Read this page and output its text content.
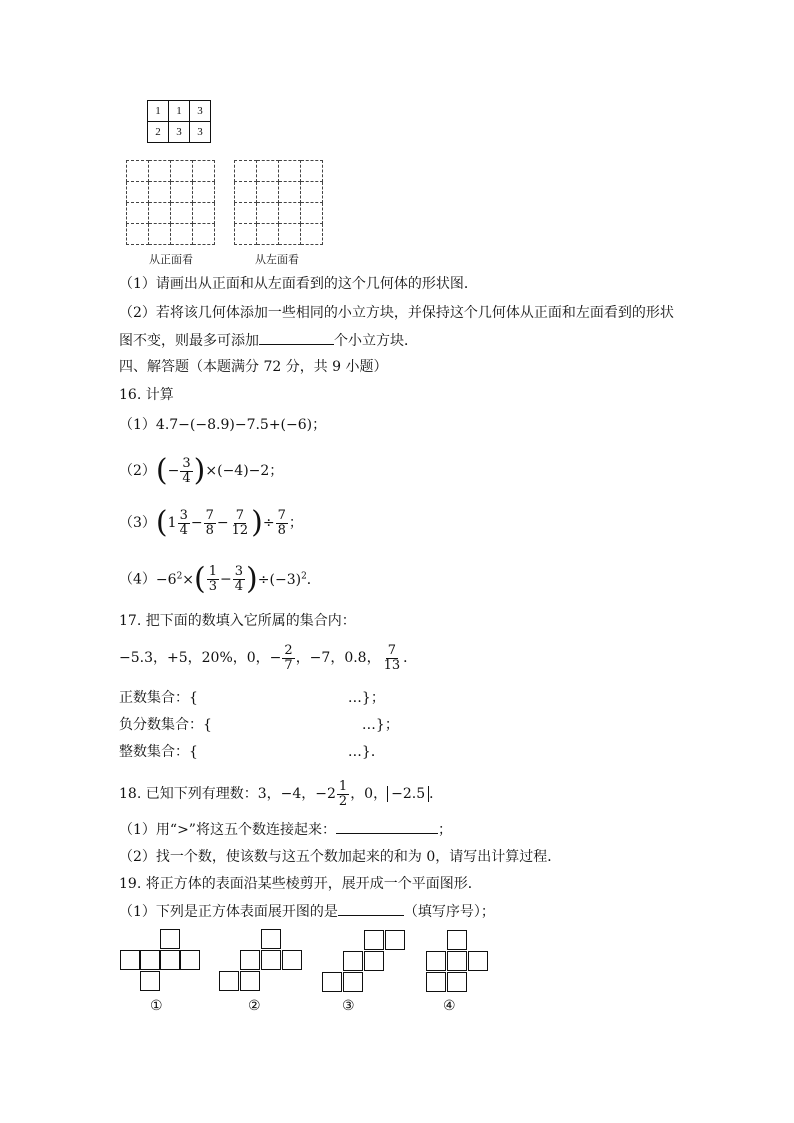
1	1	3
2	3	3

从正面看	从左面看
（1）请画出从正面和从左面看到的这个几何体的形状图．
（2）若将该几何体添加一些相同的小立方块，并保持这个几何体从正面和左面看到的形状
图不变，则最多可添加	个小立方块．
四、解答题（本题满分 72 分，共 9 小题）
16. 计算
（1）4.7−(−8.9)−7.5+(−6)；
$(2)(- \frac{3}{4} )\times(-4)-2$；
$(3)(1 \frac{3}{4} - \frac{7}{8} - \frac{7}{12}$ )÷ $\frac{7}{8}$ ；
$(4)-6^2\times( \frac{1}{3} - \frac{3}{4} )\div(-3)^2$．
17. 把下面的数填入它所属的集合内：
−5.3，+5，20%，0，− $\frac{2}{7}$ ，−7，0.8， $\frac{7}{13}$ ．
正数集合：{	…}；
负分数集合：{	…}；
整数集合：{	…}．
18. 已知下列有理数：3，−4，$-2 \frac{1}{2}$ ，0， −2.5 ．
（1）用“>”将这五个数连接起来：	；
（2）找一个数，使该数与这五个数加起来的和为 0，请写出计算过程．
19. 将正方体的表面沿某些棱剪开，展开成一个平面图形．
（1）下列是正方体表面展开图的是	（填写序号）；
①	②	③	④
